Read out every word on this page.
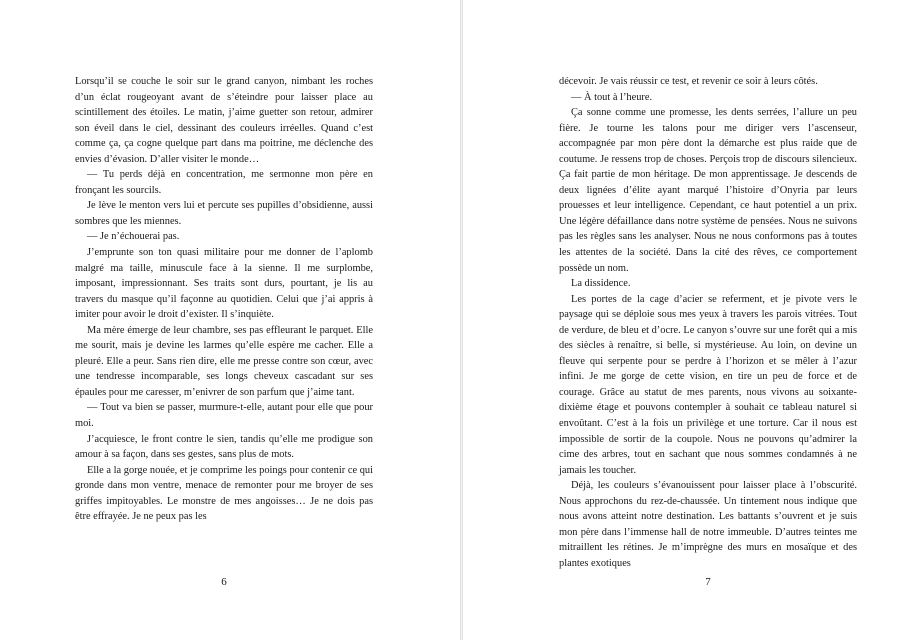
Lorsqu’il se couche le soir sur le grand canyon, nimbant les roches d’un éclat rougeoyant avant de s’éteindre pour laisser place au scintillement des étoiles. Le matin, j’aime guetter son retour, admirer son éveil dans le ciel, dessinant des couleurs irréelles. Quand c’est comme ça, ça cogne quelque part dans ma poitrine, me déclenche des envies d’évasion. D’aller visiter le monde…

— Tu perds déjà en concentration, me sermonne mon père en fronçant les sourcils.

Je lève le menton vers lui et percute ses pupilles d’obsidienne, aussi sombres que les miennes.

— Je n’échouerai pas.

J’emprunte son ton quasi militaire pour me donner de l’aplomb malgré ma taille, minuscule face à la sienne. Il me surplombe, imposant, impressionnant. Ses traits sont durs, pourtant, je lis au travers du masque qu’il façonne au quotidien. Celui que j’ai appris à imiter pour avoir le droit d’exister. Il s’inquiète.

Ma mère émerge de leur chambre, ses pas effleurant le parquet. Elle me sourit, mais je devine les larmes qu’elle espère me cacher. Elle a pleuré. Elle a peur. Sans rien dire, elle me presse contre son cœur, avec une tendresse incomparable, ses longs cheveux cascadant sur ses épaules pour me caresser, m’enivrer de son parfum que j’aime tant.

— Tout va bien se passer, murmure-t-elle, autant pour elle que pour moi.

J’acquiesce, le front contre le sien, tandis qu’elle me prodigue son amour à sa façon, dans ses gestes, sans plus de mots.

Elle a la gorge nouée, et je comprime les poings pour contenir ce qui gronde dans mon ventre, menace de remonter pour me broyer de ses griffes impitoyables. Le monstre de mes angoisses… Je ne dois pas être effrayée. Je ne peux pas les

6

décevoir. Je vais réussir ce test, et revenir ce soir à leurs côtés.

— À tout à l’heure.

Ça sonne comme une promesse, les dents serrées, l’allure un peu fière. Je tourne les talons pour me diriger vers l’ascenseur, accompagnée par mon père dont la démarche est plus raide que de coutume. Je ressens trop de choses. Perçois trop de discours silencieux. Ça fait partie de mon héritage. De mon apprentissage. Je descends de deux lignées d’élite ayant marqué l’histoire d’Onyria par leurs prouesses et leur intelligence. Cependant, ce haut potentiel a un prix. Une légère défaillance dans notre système de pensées. Nous ne suivons pas les règles sans les analyser. Nous ne nous conformons pas à toutes les attentes de la société. Dans la cité des rêves, ce comportement possède un nom.

La dissidence.

Les portes de la cage d’acier se referment, et je pivote vers le paysage qui se déploie sous mes yeux à travers les parois vitrées. Tout de verdure, de bleu et d’ocre. Le canyon s’ouvre sur une forêt qui a mis des siècles à renaître, si belle, si mystérieuse. Au loin, on devine un fleuve qui serpente pour se perdre à l’horizon et se mêler à l’azur infini. Je me gorge de cette vision, en tire un peu de force et de courage. Grâce au statut de mes parents, nous vivons au soixante-dixième étage et pouvons contempler à souhait ce tableau naturel si envoûtant. C’est à la fois un privilège et une torture. Car il nous est impossible de sortir de la coupole. Nous ne pouvons qu’admirer la cime des arbres, tout en sachant que nous sommes condamnés à ne jamais les toucher.

Déjà, les couleurs s’évanouissent pour laisser place à l’obscurité. Nous approchons du rez-de-chaussée. Un tintement nous indique que nous avons atteint notre destination. Les battants s’ouvrent et je suis mon père dans l’immense hall de notre immeuble. D’autres teintes me mitraillent les rétines. Je m’imprègne des murs en mosaïque et des plantes exotiques

7
